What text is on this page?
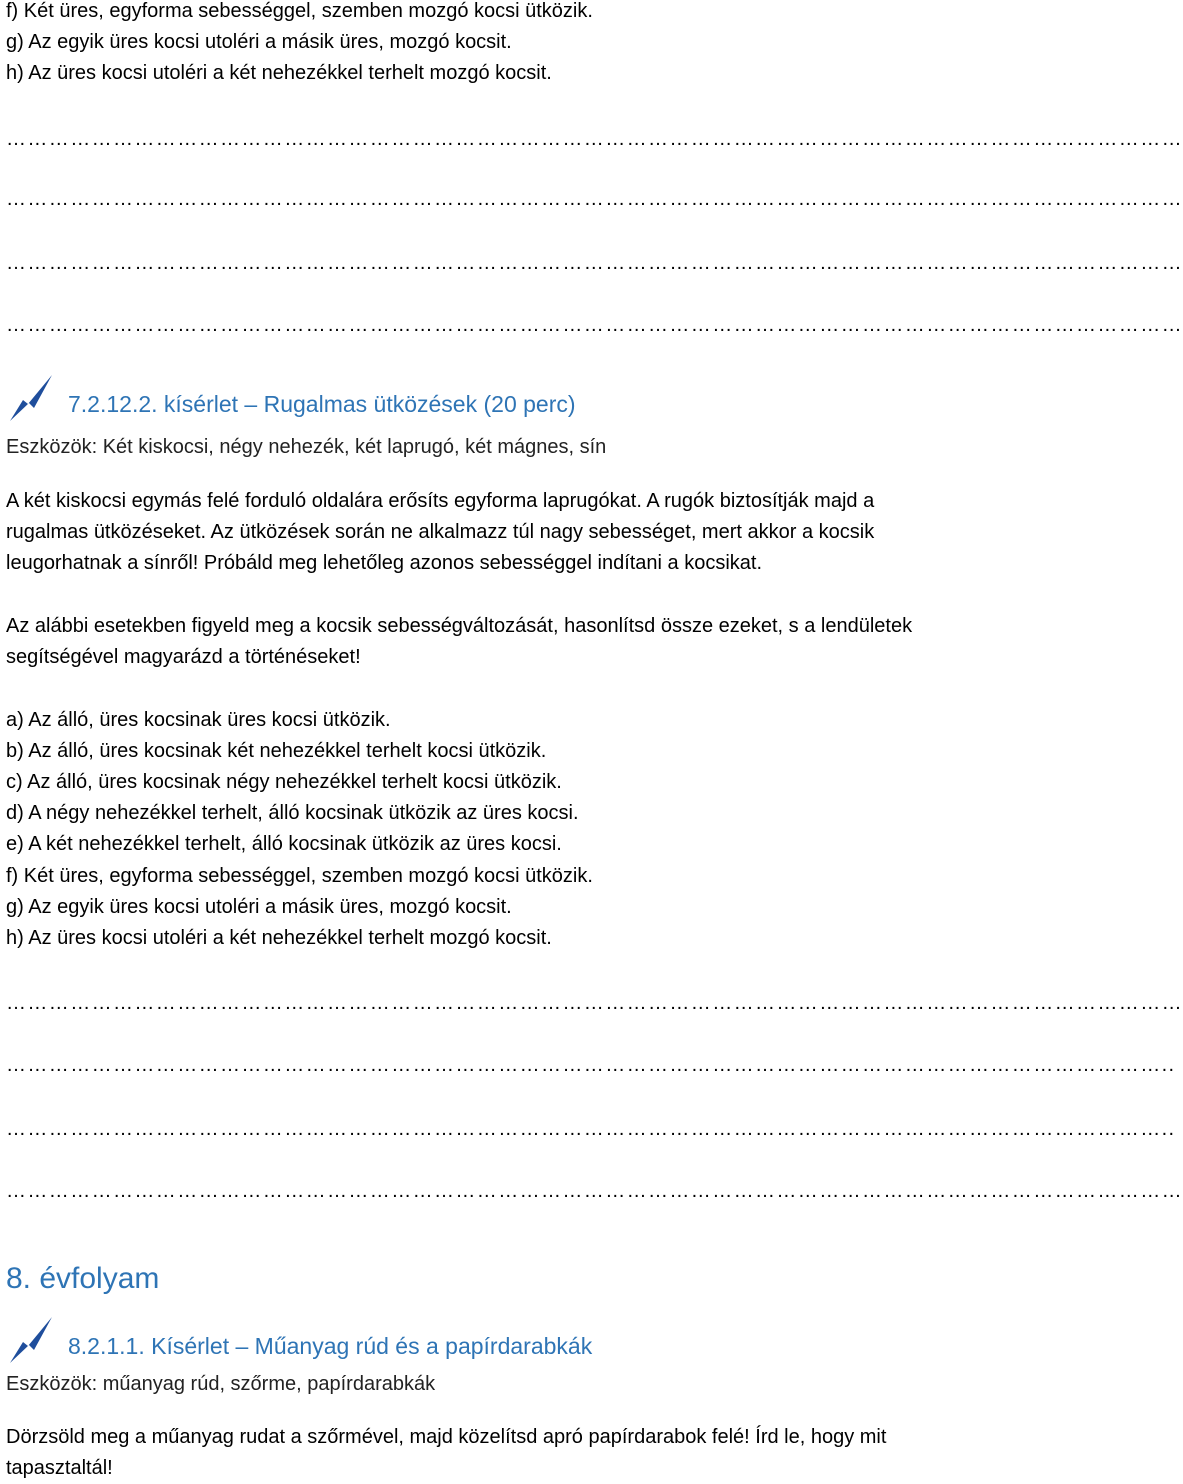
f) Két üres, egyforma sebességgel, szemben mozgó kocsi ütközik.
g) Az egyik üres kocsi utoléri a másik üres, mozgó kocsit.
h) Az üres kocsi utoléri a két nehezékkel terhelt mozgó kocsit.
…………………………………………………………………………………………………………………………………………………
…………………………………………………………………………………………………………………………………………………
…………………………………………………………………………………………………………………………………………………
…………………………………………………………………………………………………………………………………………………
7.2.12.2. kísérlet – Rugalmas ütközések (20 perc)
Eszközök: Két kiskocsi, négy nehezék, két laprugó, két mágnes, sín
A két kiskocsi egymás felé forduló oldalára erősíts egyforma laprugókat. A rugók biztosítják majd a rugalmas ütközéseket. Az ütközések során ne alkalmazz túl nagy sebességet, mert akkor a kocsik leugorhatnak a sínről! Próbáld meg lehetőleg azonos sebességgel indítani a kocsikat.
Az alábbi esetekben figyeld meg a kocsik sebességváltozását, hasonlítsd össze ezeket, s a lendületek segítségével magyarázd a történéseket!
a) Az álló, üres kocsinak üres kocsi ütközik.
b) Az álló, üres kocsinak két nehezékkel terhelt kocsi ütközik.
c) Az álló, üres kocsinak négy nehezékkel terhelt kocsi ütközik.
d) A négy nehezékkel terhelt, álló kocsinak ütközik az üres kocsi.
e) A két nehezékkel terhelt, álló kocsinak ütközik az üres kocsi.
f) Két üres, egyforma sebességgel, szemben mozgó kocsi ütközik.
g) Az egyik üres kocsi utoléri a másik üres, mozgó kocsit.
h) Az üres kocsi utoléri a két nehezékkel terhelt mozgó kocsit.
…………………………………………………………………………………………………………………………………………………
………………………………………………………………………………………………………………………………………………..
………………………………………………………………………………………………………………………………………………..
…………………………………………………………………………………………………………………………………………………
8. évfolyam
8.2.1.1. Kísérlet – Műanyag rúd és a papírdarabkák
Eszközök: műanyag rúd, szőrme, papírdarabkák
Dörzsöld meg a műanyag rudat a szőrmével, majd közelítsd apró papírdarabok felé! Írd le, hogy mit tapasztaltál!
